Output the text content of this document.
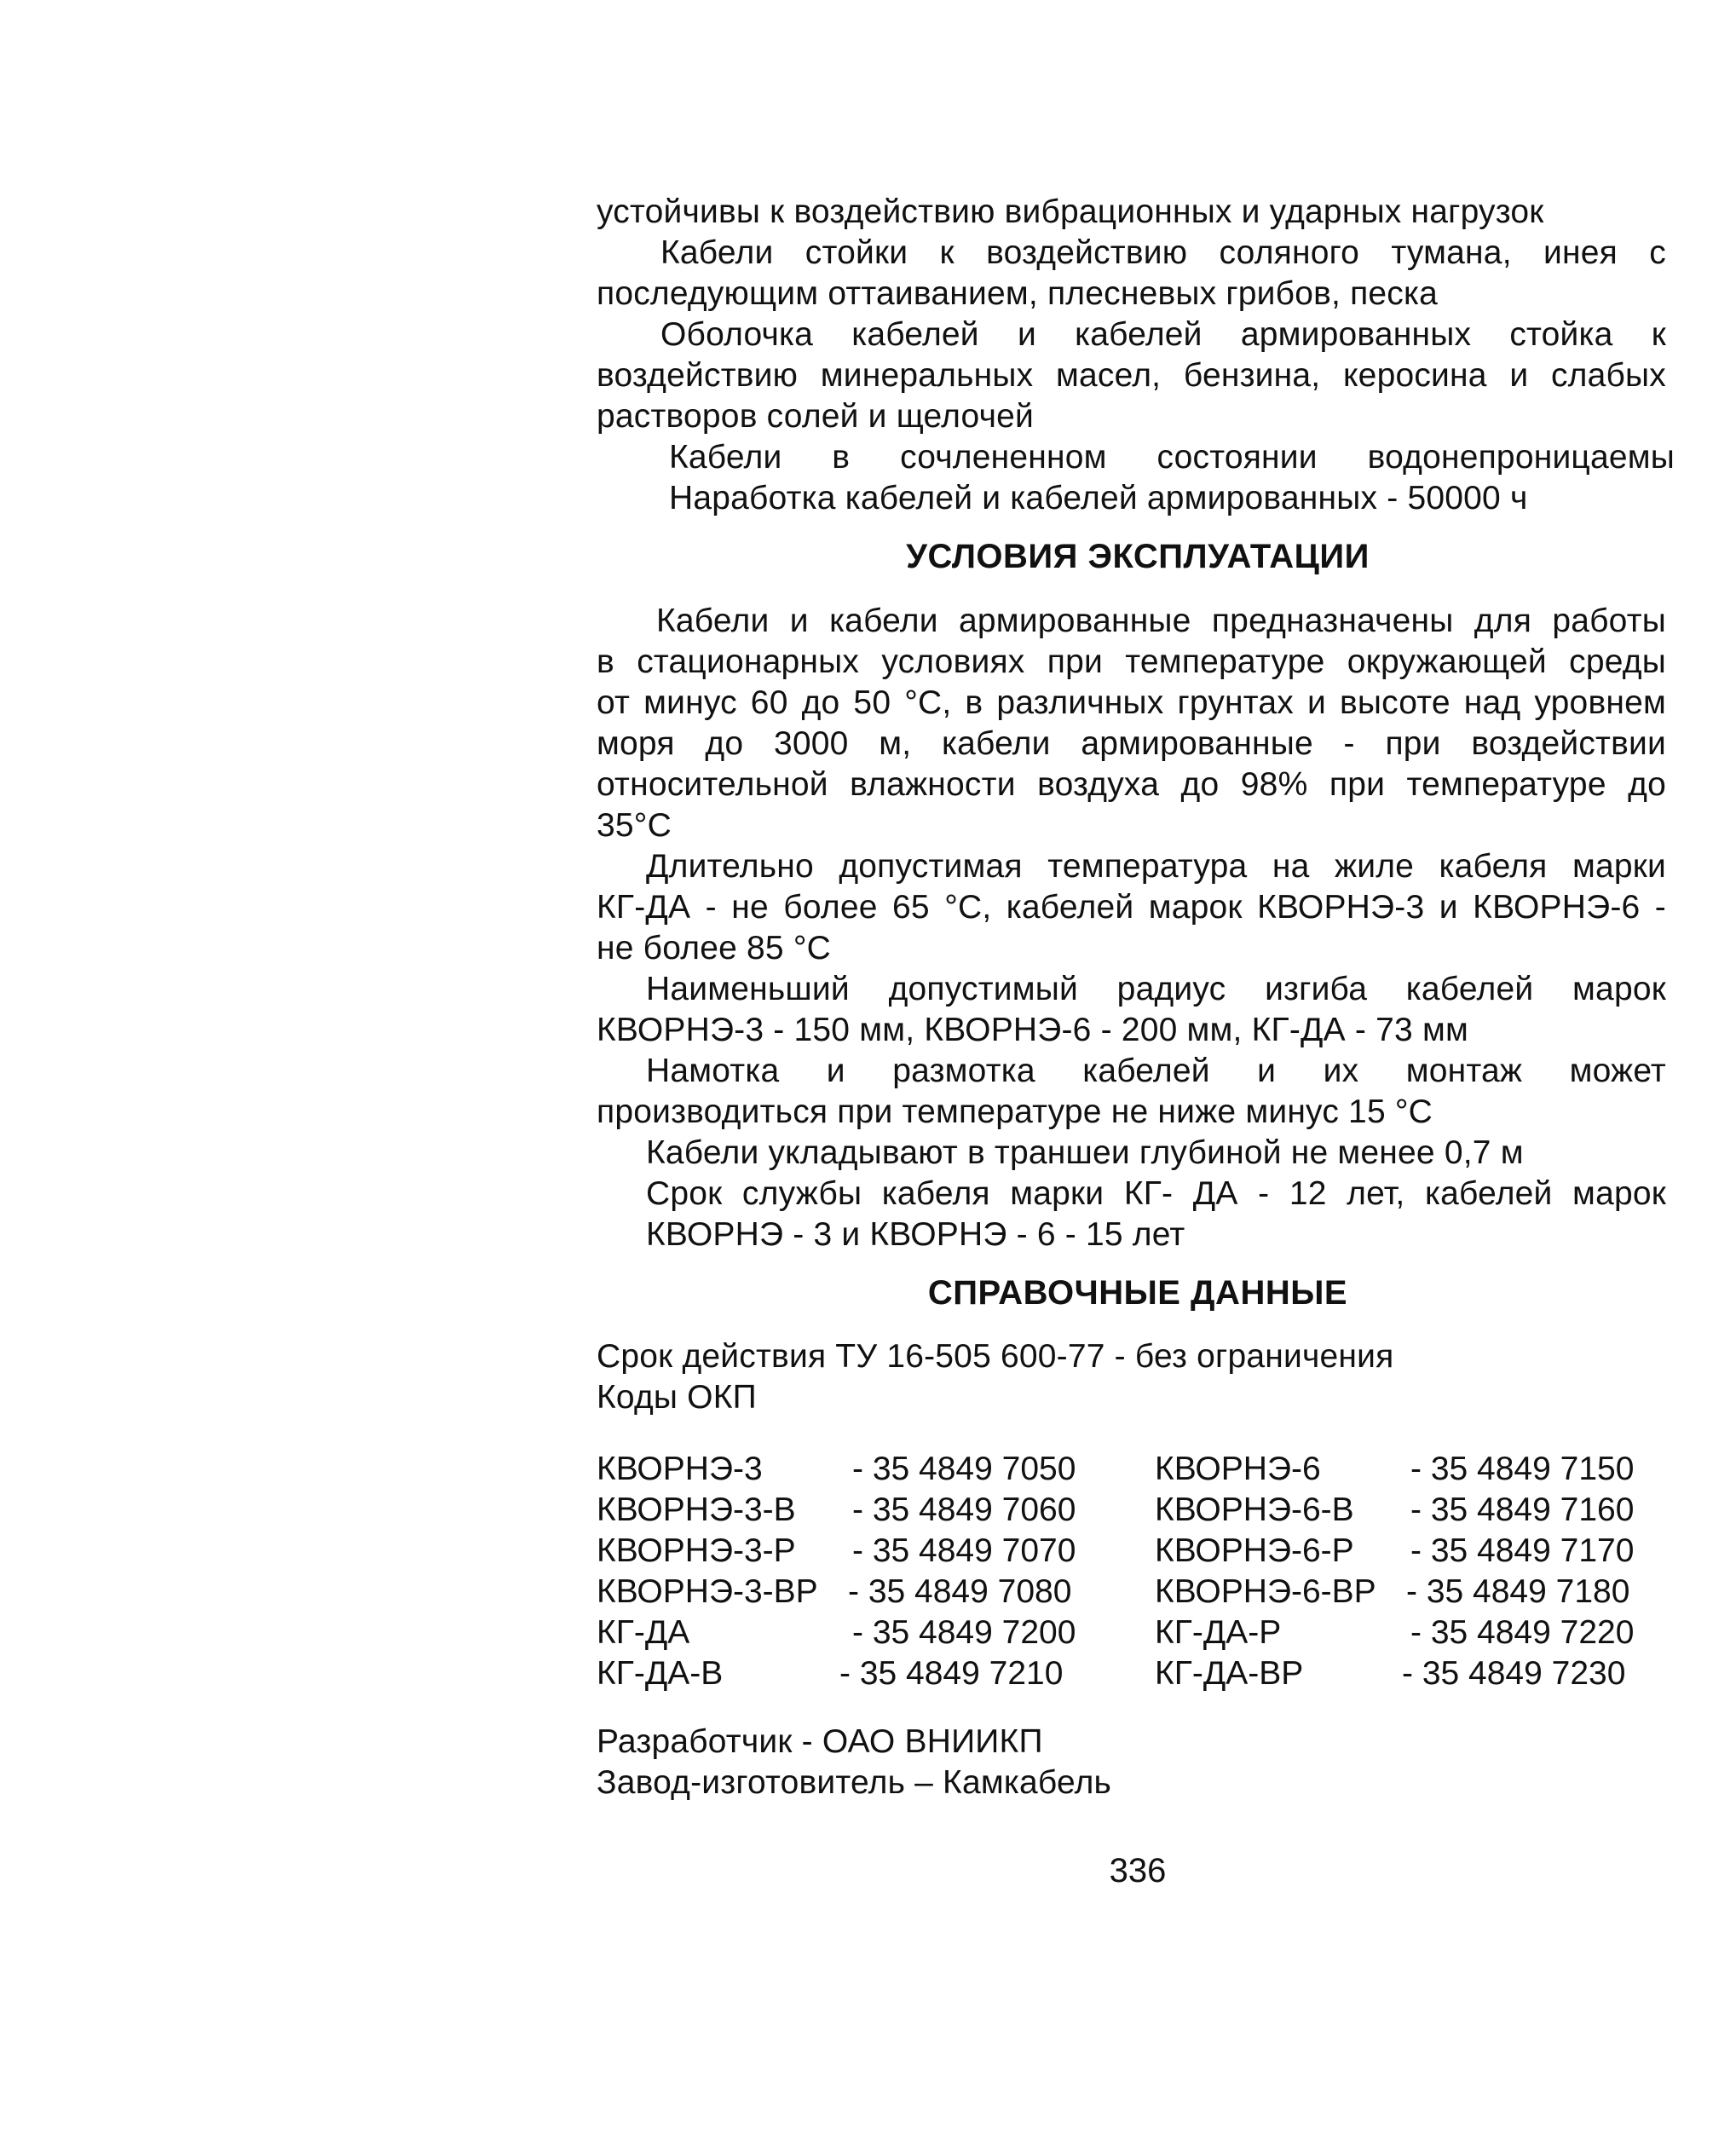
устойчивы к воздействию вибрационных и ударных нагрузок
Кабели стойки к воздействию соляного тумана, инея с
последующим оттаиванием, плесневых грибов, песка
Оболочка кабелей и кабелей армированных стойка к
воздействию минеральных масел, бензина, керосина и слабых
растворов солей и щелочей
Кабели в сочлененном состоянии водонепроницаемы
Наработка кабелей и кабелей армированных - 50000 ч
УСЛОВИЯ ЭКСПЛУАТАЦИИ
Кабели и кабели армированные предназначены для работы
в стационарных условиях при температуре окружающей среды
от минус 60 до 50 °С, в различных грунтах и высоте над уровнем
моря до 3000 м, кабели армированные - при воздействии
относительной влажности воздуха до 98% при температуре до
35°С
Длительно допустимая температура на жиле кабеля марки
КГ-ДА - не более 65 °С, кабелей марок КВОРНЭ-3 и КВОРНЭ-6 -
не более 85 °С
Наименьший допустимый радиус изгиба кабелей марок
КВОРНЭ-3 - 150 мм, КВОРНЭ-6 - 200 мм, КГ-ДА - 73 мм
Намотка и размотка кабелей и их монтаж может
производиться при температуре не ниже минус 15 °С
Кабели укладывают в траншеи глубиной не менее 0,7 м
Срок службы кабеля марки КГ- ДА - 12 лет, кабелей марок
КВОРНЭ - 3 и КВОРНЭ - 6 - 15 лет
СПРАВОЧНЫЕ ДАННЫЕ
Срок действия ТУ 16-505 600-77 - без ограничения
Коды ОКП
КВОРНЭ-3	- 35 4849 7050 КВОРНЭ-6	- 35 4849 7150
КВОРНЭ-3-В - 35 4849 7060 КВОРНЭ-6-В - 35 4849 7160
КВОРНЭ-3-Р - 35 4849 7070 КВОРНЭ-6-Р - 35 4849 7170
КВОРНЭ-3-ВР - 35 4849 7080	КВОРНЭ-6-ВР - 35 4849 7180
КГ-ДА	- 35 4849 7200 КГ-ДА-Р	- 35 4849 7220
КГ-ДА-В	- 35 4849 7210	КГ-ДА-ВР	- 35 4849 7230
Разработчик - ОАО ВНИИКП
Завод-изготовитель – Камкабель
336
